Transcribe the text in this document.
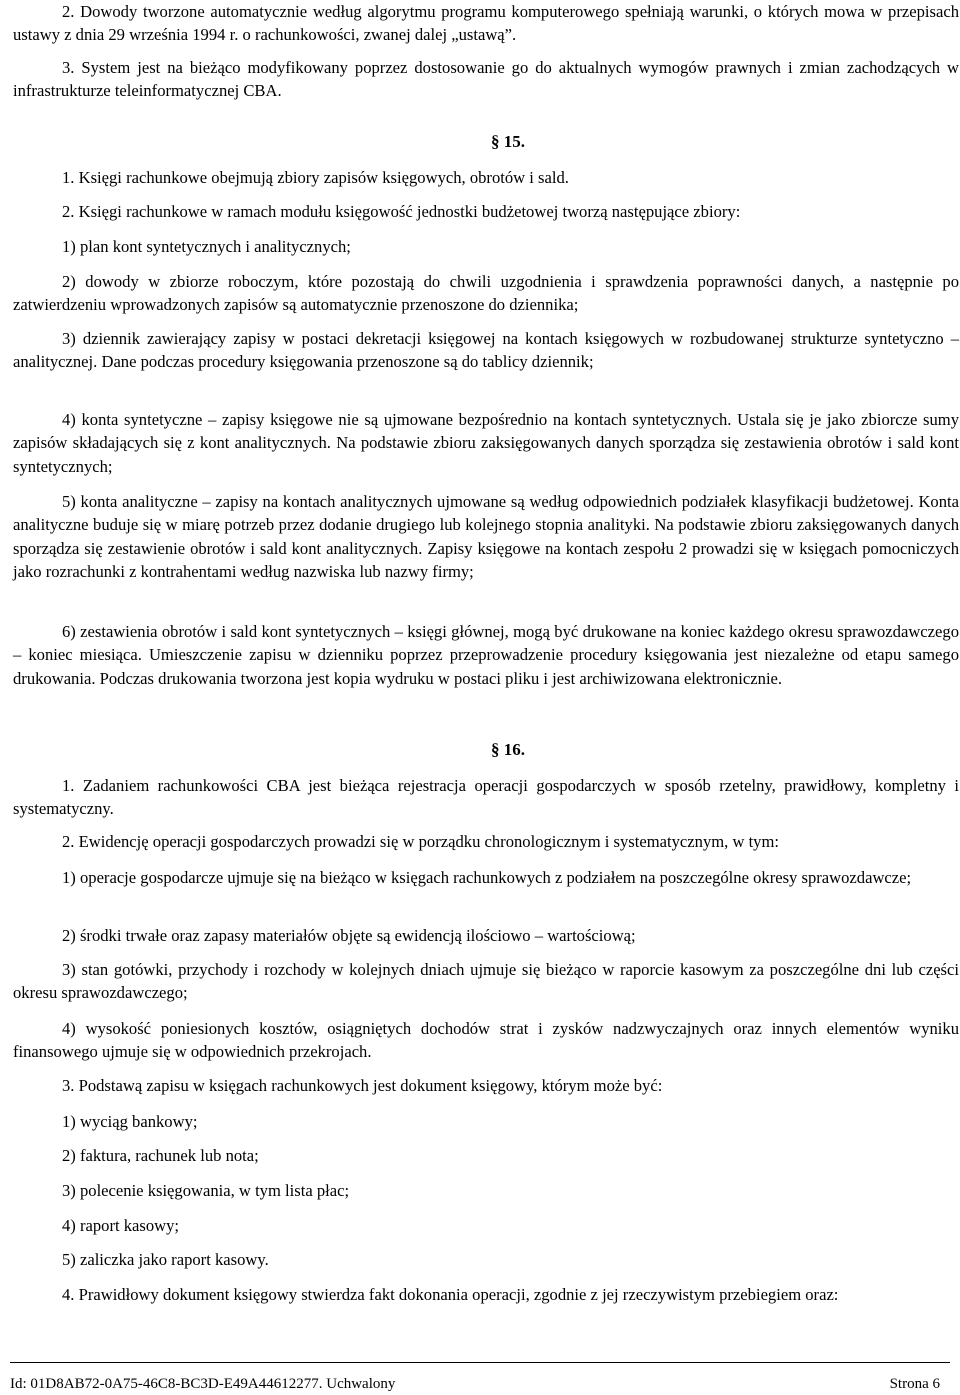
2. Dowody tworzone automatycznie według algorytmu programu komputerowego spełniają warunki, o których mowa w przepisach ustawy z dnia 29 września 1994 r. o rachunkowości, zwanej dalej „ustawą”.

3. System jest na bieżąco modyfikowany poprzez dostosowanie go do aktualnych wymogów prawnych i zmian zachodzących w infrastrukturze teleinformatycznej CBA.

§ 15.

1. Księgi rachunkowe obejmują zbiory zapisów księgowych, obrotów i sald.

2. Księgi rachunkowe w ramach modułu księgowość jednostki budżetowej tworzą następujące zbiory:

1) plan kont syntetycznych i analitycznych;

2) dowody w zbiorze roboczym, które pozostają do chwili uzgodnienia i sprawdzenia poprawności danych, a następnie po zatwierdzeniu wprowadzonych zapisów są automatycznie przenoszone do dziennika;

3) dziennik zawierający zapisy w postaci dekretacji księgowej na kontach księgowych w rozbudowanej strukturze syntetyczno – analitycznej. Dane podczas procedury księgowania przenoszone są do tablicy dziennik;

4) konta syntetyczne – zapisy księgowe nie są ujmowane bezpośrednio na kontach syntetycznych. Ustala się je jako zbiorcze sumy zapisów składających się z kont analitycznych. Na podstawie zbioru zaksięgowanych danych sporządza się zestawienia obrotów i sald kont syntetycznych;

5) konta analityczne – zapisy na kontach analitycznych ujmowane są według odpowiednich podziałek klasyfikacji budżetowej. Konta analityczne buduje się w miarę potrzeb przez dodanie drugiego lub kolejnego stopnia analityki. Na podstawie zbioru zaksięgowanych danych sporządza się zestawienie obrotów i sald kont analitycznych. Zapisy księgowe na kontach zespołu 2 prowadzi się w księgach pomocniczych jako rozrachunki z kontrahentami według nazwiska lub nazwy firmy;

6) zestawienia obrotów i sald kont syntetycznych – księgi głównej, mogą być drukowane na koniec każdego okresu sprawozdawczego – koniec miesiąca. Umieszczenie zapisu w dzienniku poprzez przeprowadzenie procedury księgowania jest niezależne od etapu samego drukowania. Podczas drukowania tworzona jest kopia wydruku w postaci pliku i jest archiwizowana elektronicznie.

§ 16.

1. Zadaniem rachunkowości CBA jest bieżąca rejestracja operacji gospodarczych w sposób rzetelny, prawidłowy, kompletny i systematyczny.

2. Ewidencję operacji gospodarczych prowadzi się w porządku chronologicznym i systematycznym, w tym:

1) operacje gospodarcze ujmuje się na bieżąco w księgach rachunkowych z podziałem na poszczególne okresy sprawozdawcze;

2) środki trwałe oraz zapasy materiałów objęte są ewidencją ilościowo – wartościową;

3) stan gotówki, przychody i rozchody w kolejnych dniach ujmuje się bieżąco w raporcie kasowym za poszczególne dni lub części okresu sprawozdawczego;

4) wysokość poniesionych kosztów, osiągniętych dochodów strat i zysków nadzwyczajnych oraz innych elementów wyniku finansowego ujmuje się w odpowiednich przekrojach.

3. Podstawą zapisu w księgach rachunkowych jest dokument księgowy, którym może być:

1) wyciąg bankowy;

2) faktura, rachunek lub nota;

3) polecenie księgowania, w tym lista płac;

4) raport kasowy;

5) zaliczka jako raport kasowy.

4. Prawidłowy dokument księgowy stwierdza fakt dokonania operacji, zgodnie z jej rzeczywistym przebiegiem oraz:

Id: 01D8AB72-0A75-46C8-BC3D-E49A44612277. Uchwalony	Strona 6
